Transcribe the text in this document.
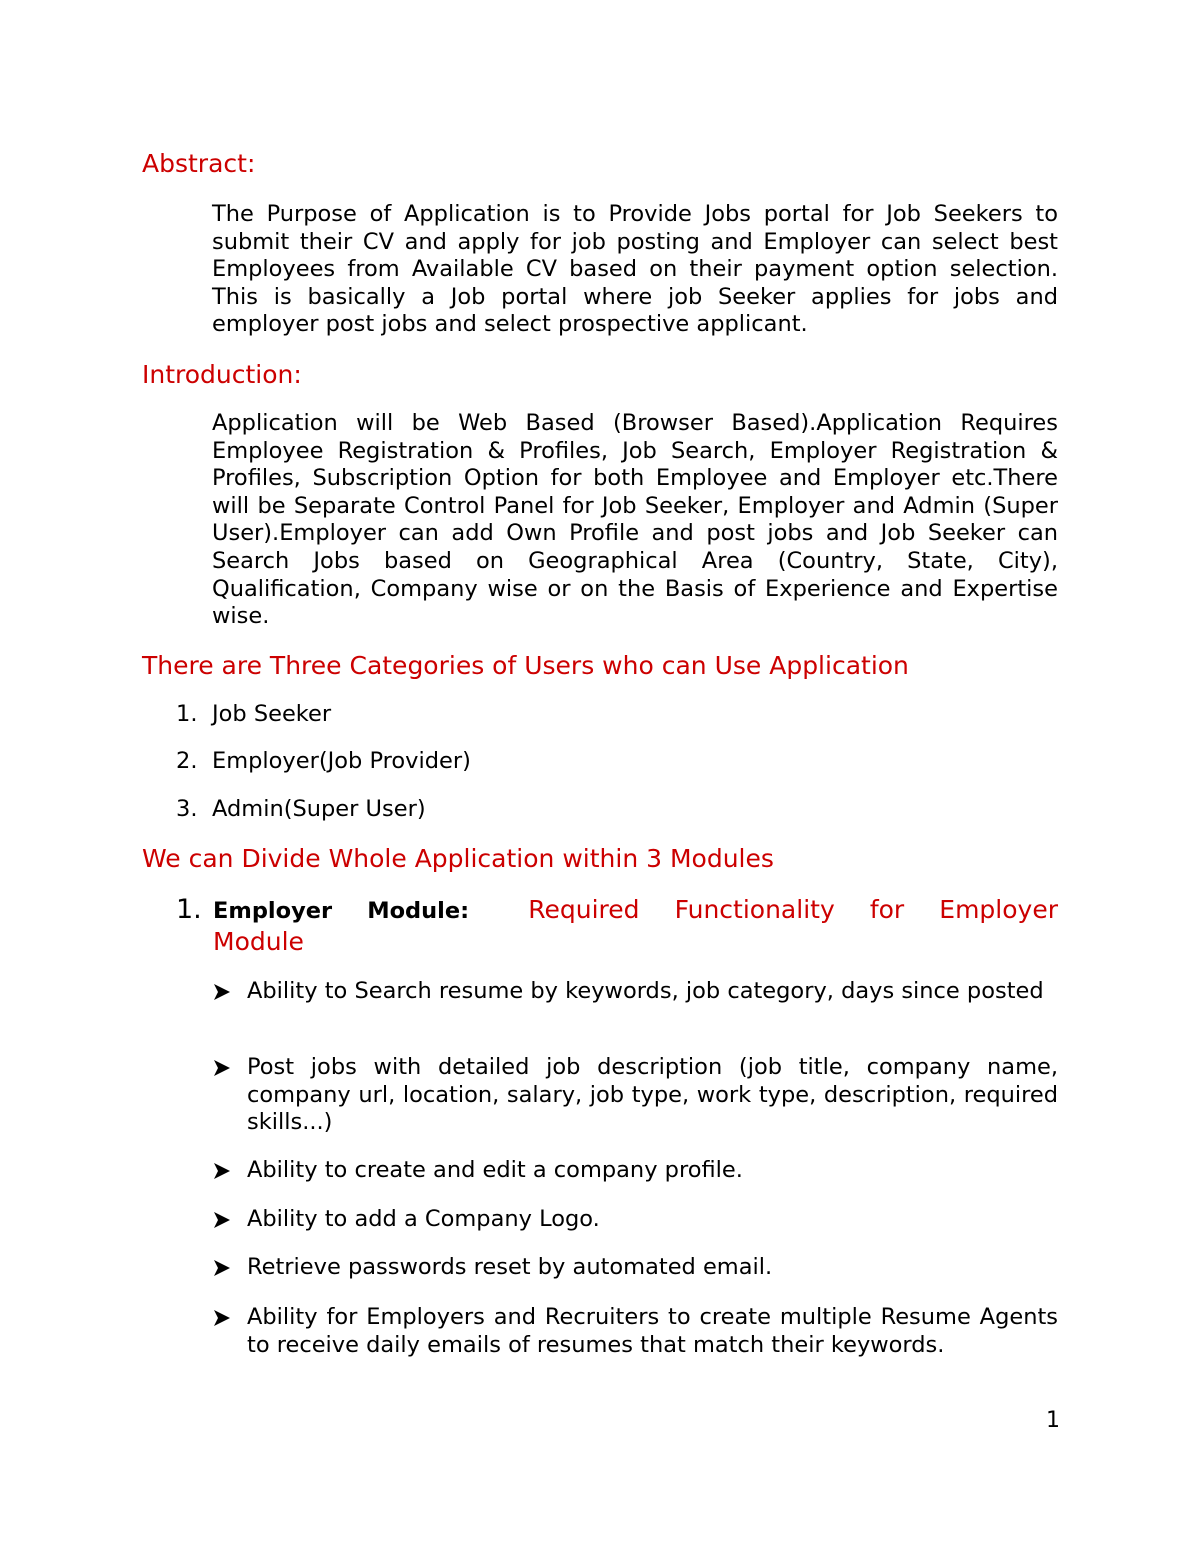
Abstract:
The Purpose of Application is to Provide Jobs portal for Job Seekers to submit their CV and apply for job posting and Employer can select best Employees from Available CV based on their payment option selection. This is basically a Job portal where job Seeker applies for jobs and employer post jobs and select prospective applicant.
Introduction:
Application will be Web Based (Browser Based).Application Requires Employee Registration & Profiles, Job Search, Employer Registration & Profiles, Subscription Option for both Employee and Employer etc.There will be Separate Control Panel for Job Seeker, Employer and Admin (Super User).Employer can add Own Profile and post jobs and Job Seeker can Search Jobs based on Geographical Area (Country, State, City), Qualification, Company wise or on the Basis of Experience and Expertise wise.
There are Three Categories of Users who can Use Application
1. Job Seeker
2. Employer(Job Provider)
3. Admin(Super User)
We can Divide Whole Application within 3 Modules
1. Employer Module: Required Functionality for Employer
Module
Ability to Search resume by keywords, job category, days since posted
Post jobs with detailed job description (job title, company name, company url, location, salary, job type, work type, description, required skills...)
Ability to create and edit a company profile.
Ability to add a Company Logo.
Retrieve passwords reset by automated email.
Ability for Employers and Recruiters to create multiple Resume Agents to receive daily emails of resumes that match their keywords.
1
